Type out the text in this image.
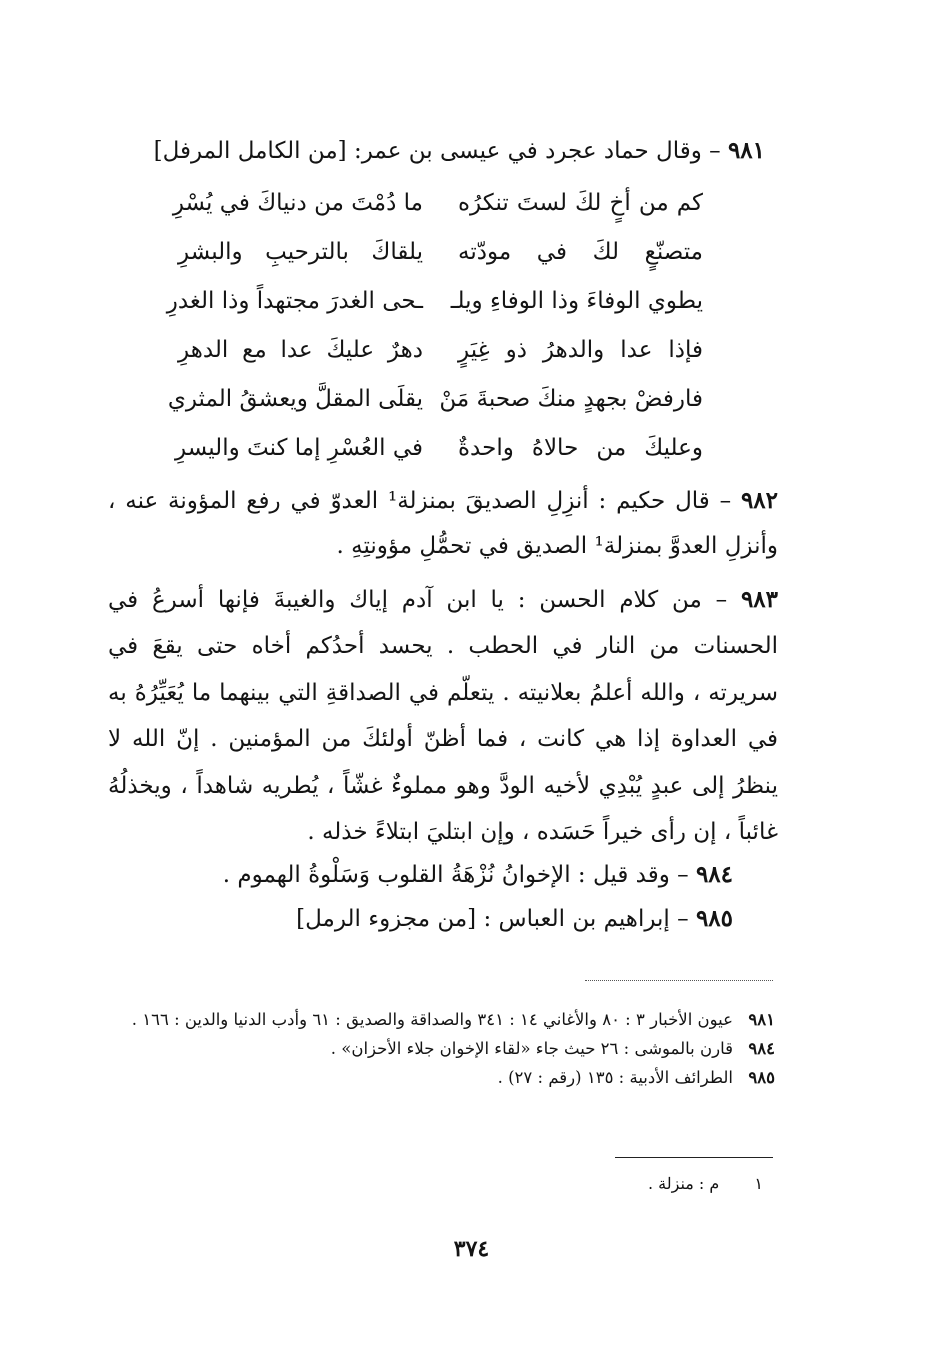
٩٨١ – وقال حماد عجرد في عيسى بن عمر: [من الكامل المرفل]
كم من أخٍ لكَ لستَ تنكرُه
ما دُمْتَ من دنياكَ في يُسْرِ
متصنّعٍ لكَ في مودّته
يلقاكَ بالترحيبِ والبشرِ
يطوي الوفاءَ وذا الوفاءِ ويلـ
ـحى الغدرَ مجتهداً وذا الغدرِ
فإذا عدا والدهرُ ذو غِيَرٍ
دهرٌ عليكَ عدا مع الدهرِ
فارفضْ بجهدٍ منكَ صحبةَ مَنْ
يقلَى المقلَّ ويعشقُ المثري
وعليكَ من حالاهُ واحدةٌ
في العُسْرِ إما كنتَ واليسرِ
٩٨٢ – قال حكيم : أنزِلِ الصديقَ بمنزلة¹ العدوّ في رفع المؤونة عنه ، وأنزلِ العدوَّ بمنزلة¹ الصديق في تحمُّلِ مؤونتِهِ .
٩٨٣ – من كلام الحسن : يا ابن آدم إياك والغيبةَ فإنها أسرعُ في الحسنات من النار في الحطب . يحسد أحدُكم أخاه حتى يقعَ في سريرته ، والله أعلمُ بعلانيته . يتعلّم في الصداقةِ التي بينهما ما يُعَيِّرُهُ به في العداوة إذا هي كانت ، فما أظنّ أولئكَ من المؤمنين . إنّ الله لا ينظرُ إلى عبدٍ يُبْدِي لأخيه الودَّ وهو مملوءٌ غشّاً ، يُطريه شاهداً ، ويخذلُهُ غائباً ، إن رأى خيراً حَسَده ، وإن ابتليَ ابتلاءً خذله .
٩٨٤ – وقد قيل : الإخوانُ نُزْهَةُ القلوب وَسَلْوةُ الهموم .
٩٨٥ – إبراهيم بن العباس : [من مجزوء الرمل]
٩٨١
عيون الأخبار ٣ : ٨٠ والأغاني ١٤ : ٣٤١ والصداقة والصديق : ٦١ وأدب الدنيا والدين : ١٦٦ .
٩٨٤
قارن بالموشى : ٢٦ حيث جاء «لقاء الإخوان جلاء الأحزان» .
٩٨٥
الطرائف الأدبية : ١٣٥ (رقم : ٢٧) .
١ م : منزلة .
٣٧٤
